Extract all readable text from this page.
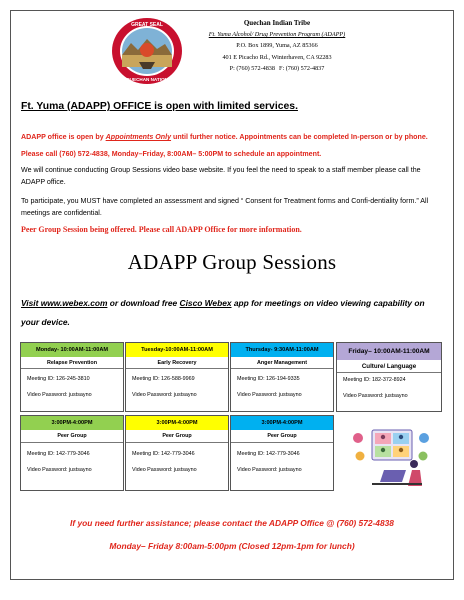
GREAT SEAL
QUECHAN NATION
Quechan Indian Tribe
Ft. Yuma Alcohol/ Drug Prevention Program (ADAPP)
P.O. Box 1899, Yuma, AZ 85366
401 E Picacho Rd., Winterhaven, CA 92283
P: (760) 572-4838 F: (760) 572-4837
Ft. Yuma (ADAPP) OFFICE is open with limited services.
ADAPP office is open by Appointments Only until further notice. Appointments can be completed In-person or by phone. Please call (760) 572-4838, Monday–Friday, 8:00AM– 5:00PM to schedule an appointment.
We will continue conducting Group Sessions video base website. If you feel the need to speak to a staff member please call the ADAPP office.
To participate, you MUST have completed an assessment and signed “ Consent for Treatment forms and Confi-dentiality form.” All meetings are confidential.
Peer Group Session being offered. Please call ADAPP Office for more information.
ADAPP Group Sessions
Visit www.webex.com or download free Cisco Webex app for meetings on video viewing capability on your device.
Monday- 10:00AM-11:00AM
Relapse Prevention
Meeting ID: 126-245-3810
Video Password: justsayno
Tuesday-10:00AM-11:00AM
Early Recovery
Meeting ID: 126-588-9969
Video Password: justsayno
Thursday- 9:30AM-11:00AM
Anger Management
Meeting ID: 126-194-9335
Video Password: justsayno
Friday– 10:00AM-11:00AM
Culture/ Language
Meeting ID: 182-372-8924
Video Password: justsayno
3:00PM-4:00PM
Peer Group
Meeting ID: 142-779-3046
Video Password: justsayno
3:00PM-4:00PM
Peer Group
Meeting ID: 142-779-3046
Video Password: justsayno
3:00PM-4:00PM
Peer Group
Meeting ID: 142-779-3046
Video Password: justsayno
If you need further assistance; please contact the ADAPP Office @ (760) 572-4838
Monday– Friday 8:00am-5:00pm (Closed 12pm-1pm for lunch)
